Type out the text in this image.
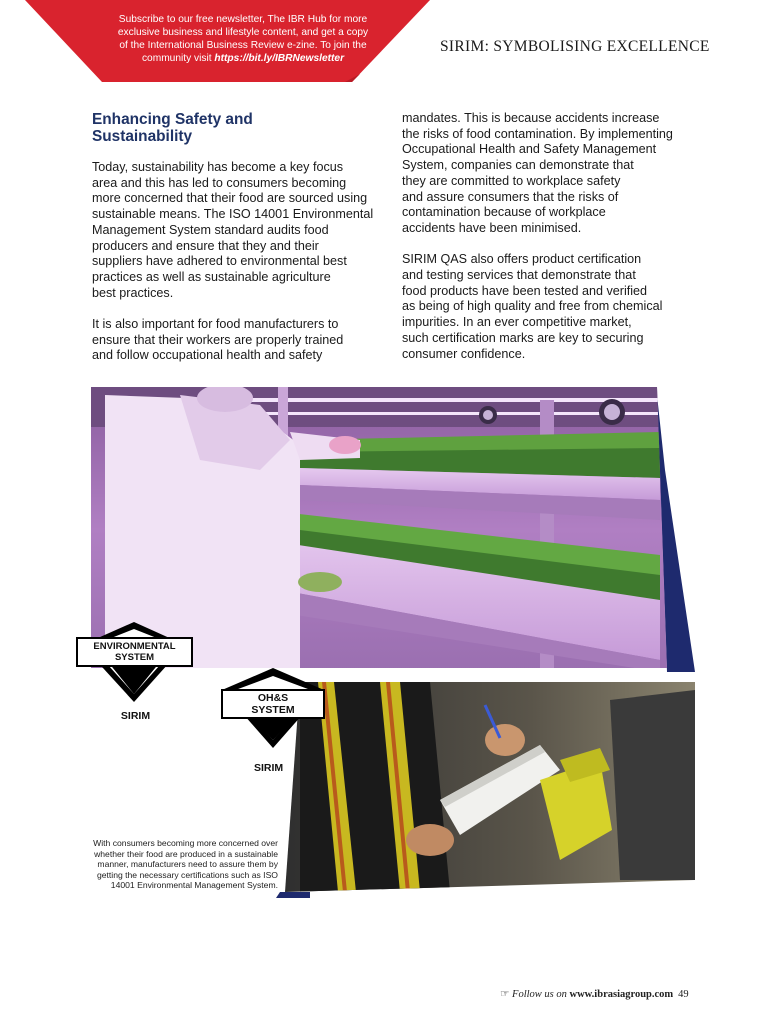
Subscribe to our free newsletter, The IBR Hub for more
exclusive business and lifestyle content, and get a copy
of the International Business Review e-zine. To join the
community visit https://bit.ly/IBRNewsletter
SIRIM: SYMBOLISING EXCELLENCE
Enhancing Safety and
Sustainability

Today, sustainability has become a key focus
area and this has led to consumers becoming
more concerned that their food are sourced using
sustainable means. The ISO 14001 Environmental
Management System standard audits food
producers and ensure that they and their
suppliers have adhered to environmental best
practices as well as sustainable agriculture
best practices.

It is also important for food manufacturers to
ensure that their workers are properly trained
and follow occupational health and safety

mandates. This is because accidents increase
the risks of food contamination. By implementing
Occupational Health and Safety Management
System, companies can demonstrate that
they are committed to workplace safety
and assure consumers that the risks of
contamination because of workplace
accidents have been minimised.

SIRIM QAS also offers product certification
and testing services that demonstrate that
food products have been tested and verified
as being of high quality and free from chemical
impurities. In an ever competitive market,
such certification marks are key to securing
consumer confidence.

ENVIRONMENTAL
SYSTEM
SIRIM
OH&S
SYSTEM
SIRIM
With consumers becoming more concerned over whether their food are produced in a sustainable manner, manufacturers need to assure them by getting the necessary certifications such as ISO 14001 Environmental Management System.
☞ Follow us on www.ibrasiagroup.com 49
